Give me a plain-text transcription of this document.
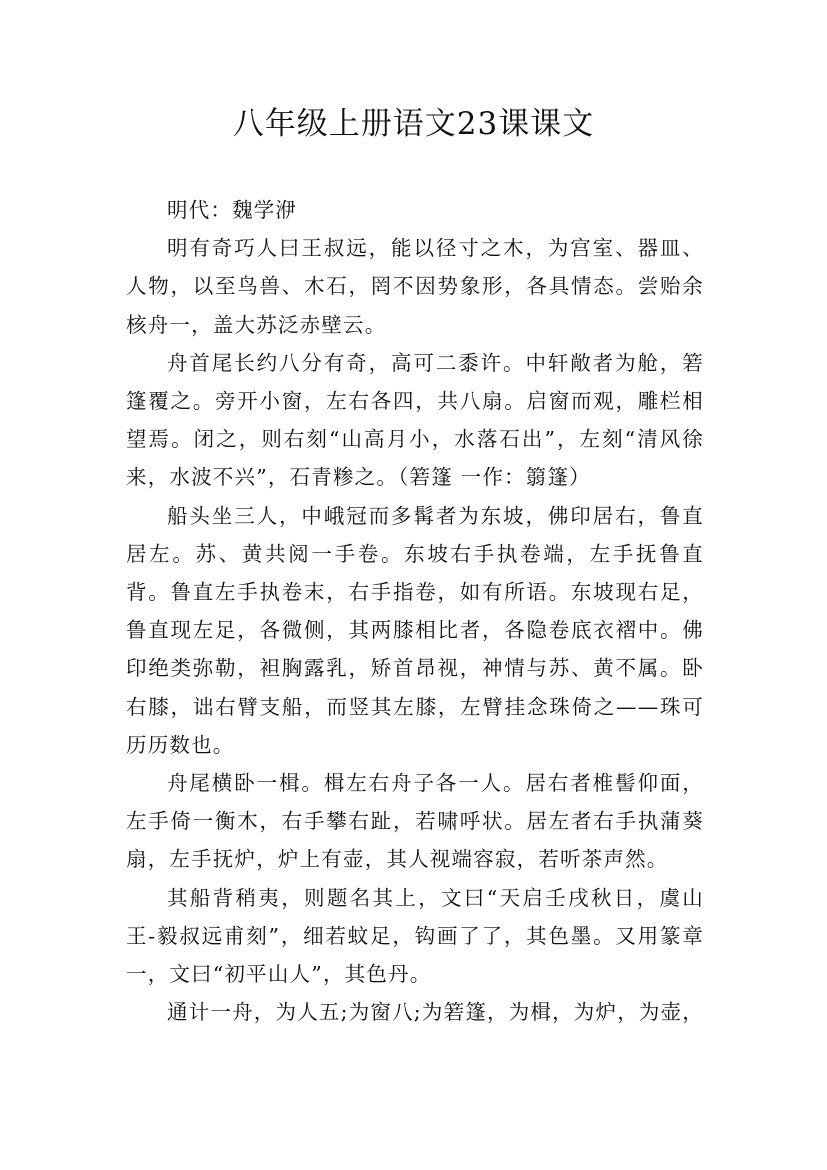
八年级上册语文23课课文

明代：魏学洢

明有奇巧人曰王叔远，能以径寸之木，为宫室、器皿、人物，以至鸟兽、木石，罔不因势象形，各具情态。尝贻余核舟一，盖大苏泛赤壁云。

舟首尾长约八分有奇，高可二黍许。中轩敞者为舱，箬篷覆之。旁开小窗，左右各四，共八扇。启窗而观，雕栏相望焉。闭之，则右刻“山高月小，水落石出”，左刻“清风徐来，水波不兴”，石青糁之。（箬篷 一作：篛篷）

船头坐三人，中峨冠而多髯者为东坡，佛印居右，鲁直居左。苏、黄共阅一手卷。东坡右手执卷端，左手抚鲁直背。鲁直左手执卷末，右手指卷，如有所语。东坡现右足，鲁直现左足，各微侧，其两膝相比者，各隐卷底衣褶中。佛印绝类弥勒，袒胸露乳，矫首昂视，神情与苏、黄不属。卧右膝，诎右臂支船，而竖其左膝，左臂挂念珠倚之——珠可历历数也。

舟尾横卧一楫。楫左右舟子各一人。居右者椎髻仰面，左手倚一衡木，右手攀右趾，若啸呼状。居左者右手执蒲葵扇，左手抚炉，炉上有壶，其人视端容寂，若听茶声然。

其船背稍夷，则题名其上，文曰“天启壬戌秋日，虞山王-毅叔远甫刻”，细若蚊足，钩画了了，其色墨。又用篆章一，文曰“初平山人”，其色丹。

通计一舟，为人五;为窗八;为箬篷，为楫，为炉，为壶，
